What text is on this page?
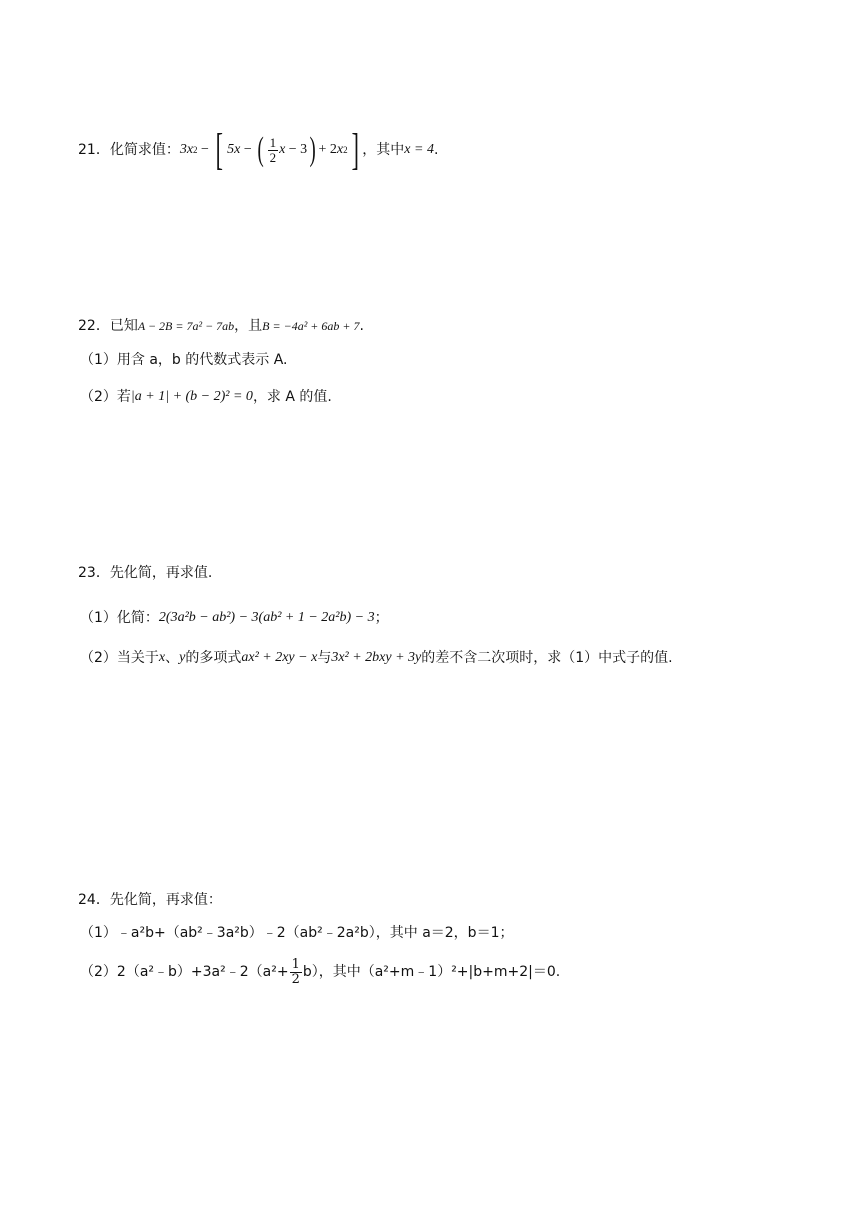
21． 化简求值： 3x 2 − [ 5x − ( $\frac{1}{2}$ x − 3 ) + 2 x 2 ] ，其中 x = 4 .
22． 已知 A − 2B = 7a² − 7ab ，且 B = −4a² + 6ab + 7 .
（1）用含 a，b 的代数式表示 A.
（2）若 |a + 1| + (b − 2)² = 0 ，求 A 的值.
23． 先化简，再求值.
（1）化简： 2(3a²b − ab²) − 3(ab² + 1 − 2a²b) − 3 ；
（2）当关于 x 、 y 的多项式 ax² + 2xy − x 与 3x² + 2bxy + 3y 的差不含二次项时，求（1）中式子的值.
24． 先化简，再求值：
（1）﹣a²b+（ab²﹣3a²b）﹣2（ab²﹣2a²b），其中 a＝2，b＝1；
（2）2（a²﹣b）+3a²﹣2（a²+ $\frac{1}{2} b$），其中（a²+m﹣1）²+|b+m+2|＝0.
